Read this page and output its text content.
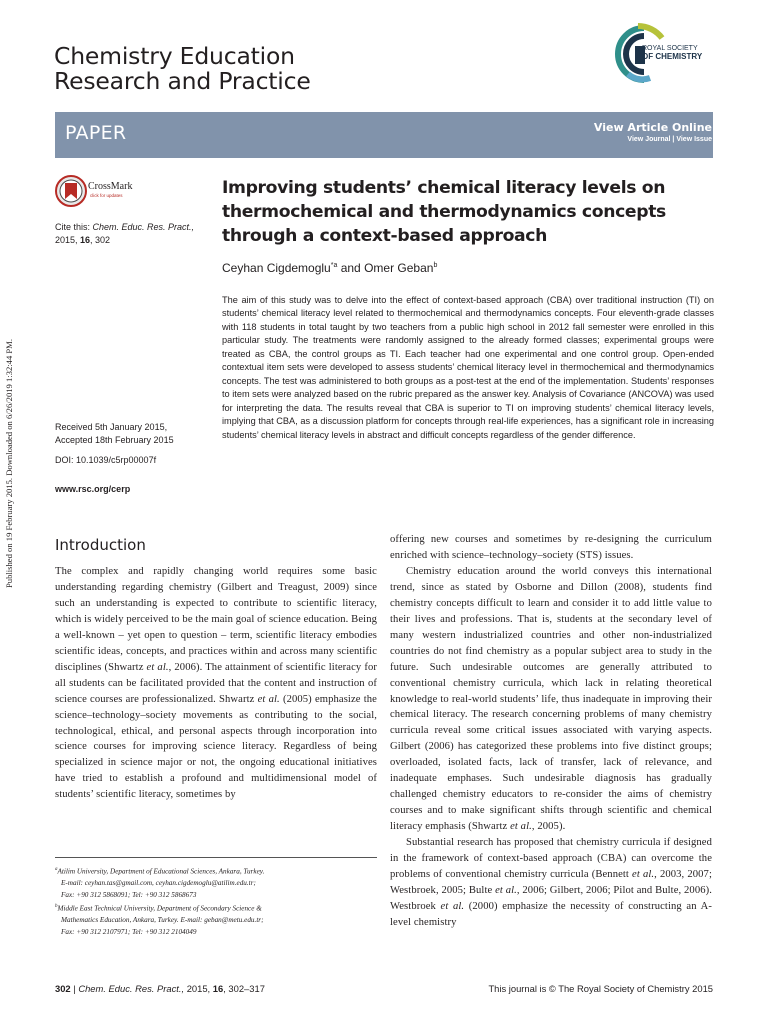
Published on 19 February 2015. Downloaded on 6/26/2019 1:32:44 PM.
Chemistry Education
Research and Practice
ROYAL SOCIETY
OF CHEMISTRY
PAPER	View Article Online
View Journal | View Issue
CrossMark
click for updates
Cite this: Chem. Educ. Res. Pract.,
2015, 16, 302
Received 5th January 2015,
Accepted 18th February 2015
DOI: 10.1039/c5rp00007f
www.rsc.org/cerp
Improving students’ chemical literacy levels on
thermochemical and thermodynamics concepts
through a context-based approach
Ceyhan Cigdemoglu$^{*a}$ and Omer Geban$^b$

The aim of this study was to delve into the effect of context-based approach (CBA) over traditional instruction (TI) on students’ chemical literacy level related to thermochemical and thermodynamics concepts. Four eleventh-grade classes with 118 students in total taught by two teachers from a public high school in 2012 fall semester were enrolled in this particular study. The treatments were randomly assigned to the already formed classes; experimental groups were treated as CBA, the control groups as TI. Each teacher had one experimental and one control group. Open-ended contextual item sets were developed to assess students’ chemical literacy level in thermochemical and thermodynamics concepts. The test was administered to both groups as a post-test at the end of the implementation. Students’ responses to item sets were analyzed based on the rubric prepared as the answer key. Analysis of Covariance (ANCOVA) was used for interpreting the data. The results reveal that CBA is superior to TI on improving students’ chemical literacy levels, implying that CBA, as a discussion platform for concepts through real-life experiences, has a significant role in increasing students’ chemical literacy levels in abstract and difficult concepts regardless of the gender difference.

Introduction

The complex and rapidly changing world requires some basic understanding regarding chemistry (Gilbert and Treagust, 2009) since such an understanding is expected to contribute to scientific literacy, which is widely perceived to be the main goal of science education. Being a well-known – yet open to question – term, scientific literacy embodies scientific ideas, concepts, and practices within and across many scientific disciplines (Shwartz et al., 2006). The attainment of scientific literacy for all students can be facilitated provided that the content and instruction of science courses are professionalized. Shwartz et al. (2005) emphasize the science–technology–society movements as contributing to the social, technological, ethical, and personal aspects through incorporation into science courses for improving science literacy. Regardless of being specialized in science major or not, the ongoing educational initiatives have tried to establish a profound and multidimensional model of students’ scientific literacy, sometimes by

offering new courses and sometimes by re-designing the curriculum enriched with science–technology–society (STS) issues.

Chemistry education around the world conveys this international trend, since as stated by Osborne and Dillon (2008), students find chemistry concepts difficult to learn and consider it to add little value to their lives and professions. That is, students at the secondary level of many western industrialized countries and other non-industrialized countries do not find chemistry as a popular subject area to study in the future. Such undesirable outcomes are generally attributed to conventional chemistry curricula, which lack in relating theoretical knowledge to real-world students’ life, thus inadequate in improving their chemical literacy. The research concerning problems of many chemistry curricula reveal some critical issues associated with varying aspects. Gilbert (2006) has categorized these problems into five distinct groups; overloaded, isolated facts, lack of transfer, lack of relevance, and inadequate emphases. Such undesirable diagnosis has gradually challenged chemistry educators to re-consider the aims of chemistry courses and to make significant shifts through scientific and chemical literacy emphasis (Shwartz et al., 2005).

Substantial research has proposed that chemistry curricula if designed in the framework of context-based approach (CBA) can overcome the problems of conventional chemistry curricula (Bennett et al., 2003, 2007; Westbroek, 2005; Bulte et al., 2006; Gilbert, 2006; Pilot and Bulte, 2006). Westbroek et al. (2000) emphasize the necessity of constructing an A-level chemistry

$^a$Atilim University, Department of Educational Sciences, Ankara, Turkey.
E-mail: ceyhan.tas@gmail.com, ceyhan.cigdemoglu@atilim.edu.tr;
Fax: +90 312 5868091; Tel: +90 312 5868673

$^b$Middle East Technical University, Department of Secondary Science &
Mathematics Education, Ankara, Turkey. E-mail: geban@metu.edu.tr;
Fax: +90 312 2107971; Tel: +90 312 2104049

302 | Chem. Educ. Res. Pract., 2015, 16, 302–317	This journal is © The Royal Society of Chemistry 2015
